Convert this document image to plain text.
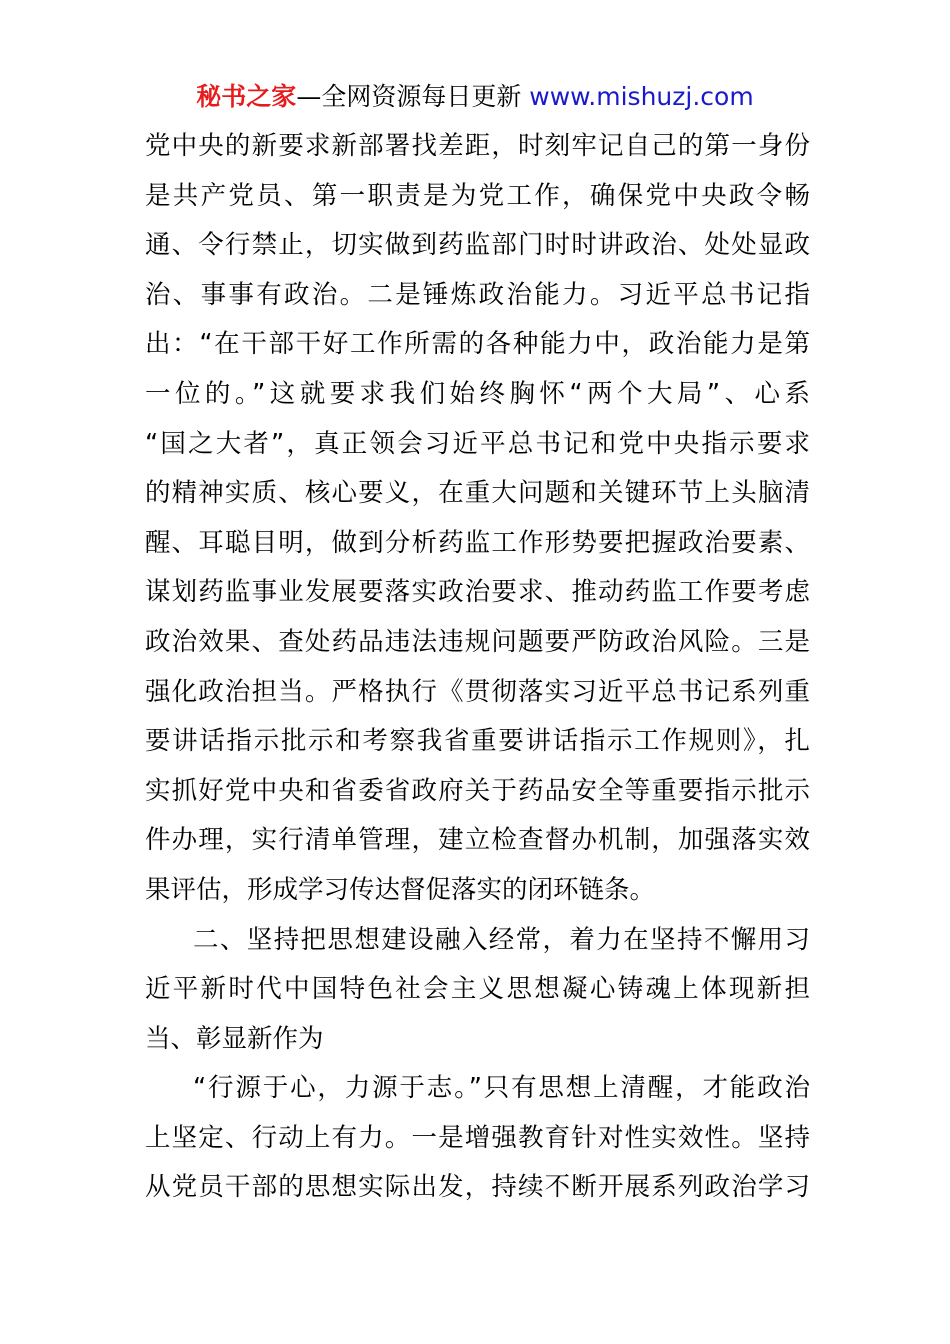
秘书之家—全网资源每日更新 www.mishuzj.com
党中央的新要求新部署找差距，时刻牢记自己的第一身份
是共产党员、第一职责是为党工作，确保党中央政令畅
通、令行禁止，切实做到药监部门时时讲政治、处处显政
治、事事有政治。二是锤炼政治能力。习近平总书记指
出：“在干部干好工作所需的各种能力中，政治能力是第
一位的。”这就要求我们始终胸怀“两个大局”、心系
“国之大者”，真正领会习近平总书记和党中央指示要求
的精神实质、核心要义，在重大问题和关键环节上头脑清
醒、耳聪目明，做到分析药监工作形势要把握政治要素、
谋划药监事业发展要落实政治要求、推动药监工作要考虑
政治效果、查处药品违法违规问题要严防政治风险。三是
强化政治担当。严格执行《贯彻落实习近平总书记系列重
要讲话指示批示和考察我省重要讲话指示工作规则》，扎
实抓好党中央和省委省政府关于药品安全等重要指示批示
件办理，实行清单管理，建立检查督办机制，加强落实效
果评估，形成学习传达督促落实的闭环链条。
二、坚持把思想建设融入经常，着力在坚持不懈用习
近平新时代中国特色社会主义思想凝心铸魂上体现新担
当、彰显新作为
“行源于心，力源于志。”只有思想上清醒，才能政治
上坚定、行动上有力。一是增强教育针对性实效性。坚持
从党员干部的思想实际出发，持续不断开展系列政治学习
